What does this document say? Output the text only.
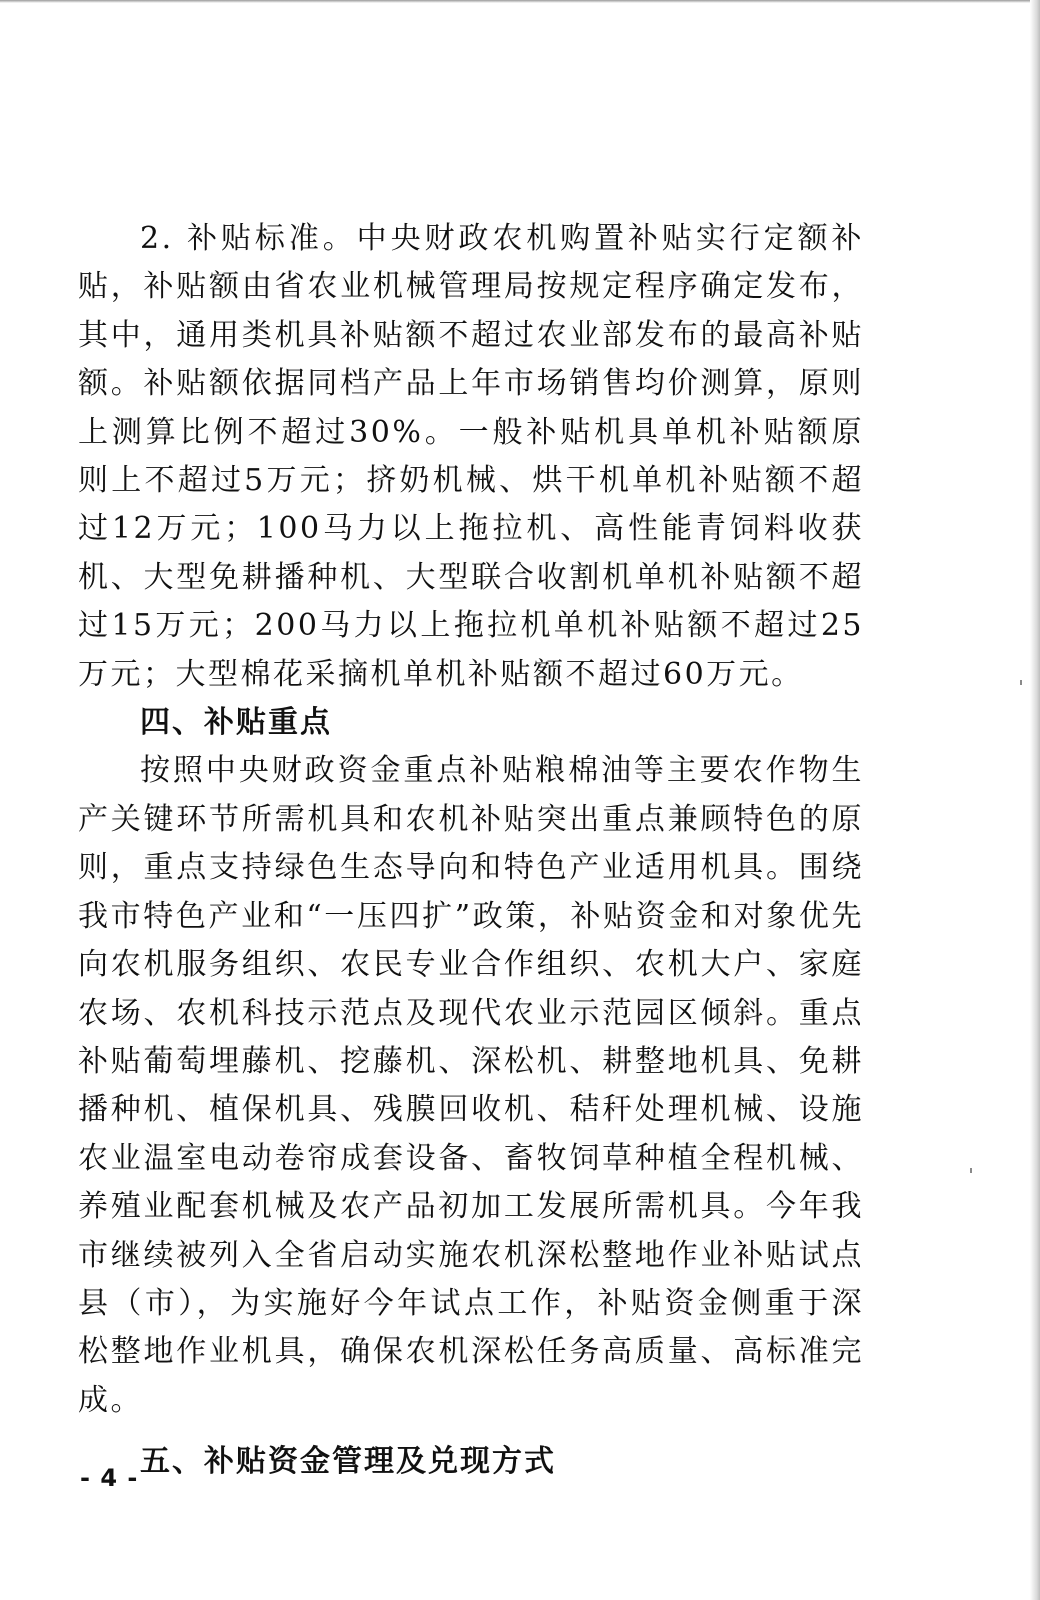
2. 补贴标准。中央财政农机购置补贴实行定额补贴，补贴额由省农业机械管理局按规定程序确定发布，其中，通用类机具补贴额不超过农业部发布的最高补贴额。补贴额依据同档产品上年市场销售均价测算，原则上测算比例不超过30%。一般补贴机具单机补贴额原则上不超过5万元；挤奶机械、烘干机单机补贴额不超过12万元；100马力以上拖拉机、高性能青饲料收获机、大型免耕播种机、大型联合收割机单机补贴额不超过15万元；200马力以上拖拉机单机补贴额不超过25万元；大型棉花采摘机单机补贴额不超过60万元。

四、补贴重点

按照中央财政资金重点补贴粮棉油等主要农作物生产关键环节所需机具和农机补贴突出重点兼顾特色的原则，重点支持绿色生态导向和特色产业适用机具。围绕我市特色产业和“一压四扩”政策，补贴资金和对象优先向农机服务组织、农民专业合作组织、农机大户、家庭农场、农机科技示范点及现代农业示范园区倾斜。重点补贴葡萄埋藤机、挖藤机、深松机、耕整地机具、免耕播种机、植保机具、残膜回收机、秸秆处理机械、设施农业温室电动卷帘成套设备、畜牧饲草种植全程机械、养殖业配套机械及农产品初加工发展所需机具。今年我市继续被列入全省启动实施农机深松整地作业补贴试点县（市），为实施好今年试点工作，补贴资金侧重于深松整地作业机具，确保农机深松任务高质量、高标准完成。

五、补贴资金管理及兑现方式

- 4 -
